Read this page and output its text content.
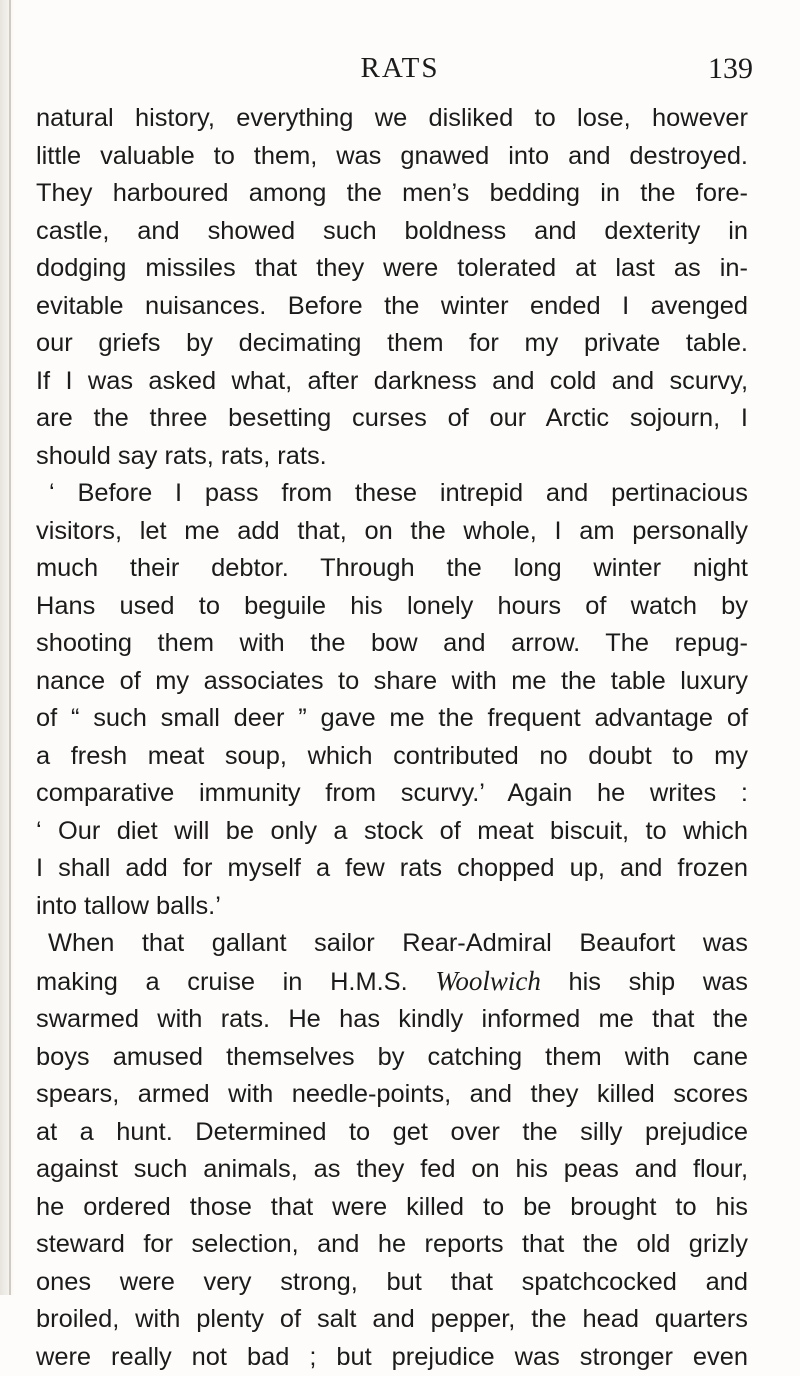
RATS	139
natural history, everything we disliked to lose, however
little valuable to them, was gnawed into and destroyed.
They harboured among the men’s bedding in the fore-
castle, and showed such boldness and dexterity in
dodging missiles that they were tolerated at last as in-
evitable nuisances. Before the winter ended I avenged
our griefs by decimating them for my private table.
If I was asked what, after darkness and cold and scurvy,
are the three besetting curses of our Arctic sojourn, I
should say rats, rats, rats.
‘ Before I pass from these intrepid and pertinacious
visitors, let me add that, on the whole, I am personally
much their debtor. Through the long winter night
Hans used to beguile his lonely hours of watch by
shooting them with the bow and arrow. The repug-
nance of my associates to share with me the table luxury
of “ such small deer ” gave me the frequent advantage of
a fresh meat soup, which contributed no doubt to my
comparative immunity from scurvy.’ Again he writes :
‘ Our diet will be only a stock of meat biscuit, to which
I shall add for myself a few rats chopped up, and frozen
into tallow balls.’
When that gallant sailor Rear-Admiral Beaufort was
making a cruise in H.M.S. Woolwich his ship was
swarmed with rats. He has kindly informed me that the
boys amused themselves by catching them with cane
spears, armed with needle-points, and they killed scores
at a hunt. Determined to get over the silly prejudice
against such animals, as they fed on his peas and flour,
he ordered those that were killed to be brought to his
steward for selection, and he reports that the old grizly
ones were very strong, but that spatchcocked and
broiled, with plenty of salt and pepper, the head quarters
were really not bad ; but prejudice was stronger even
